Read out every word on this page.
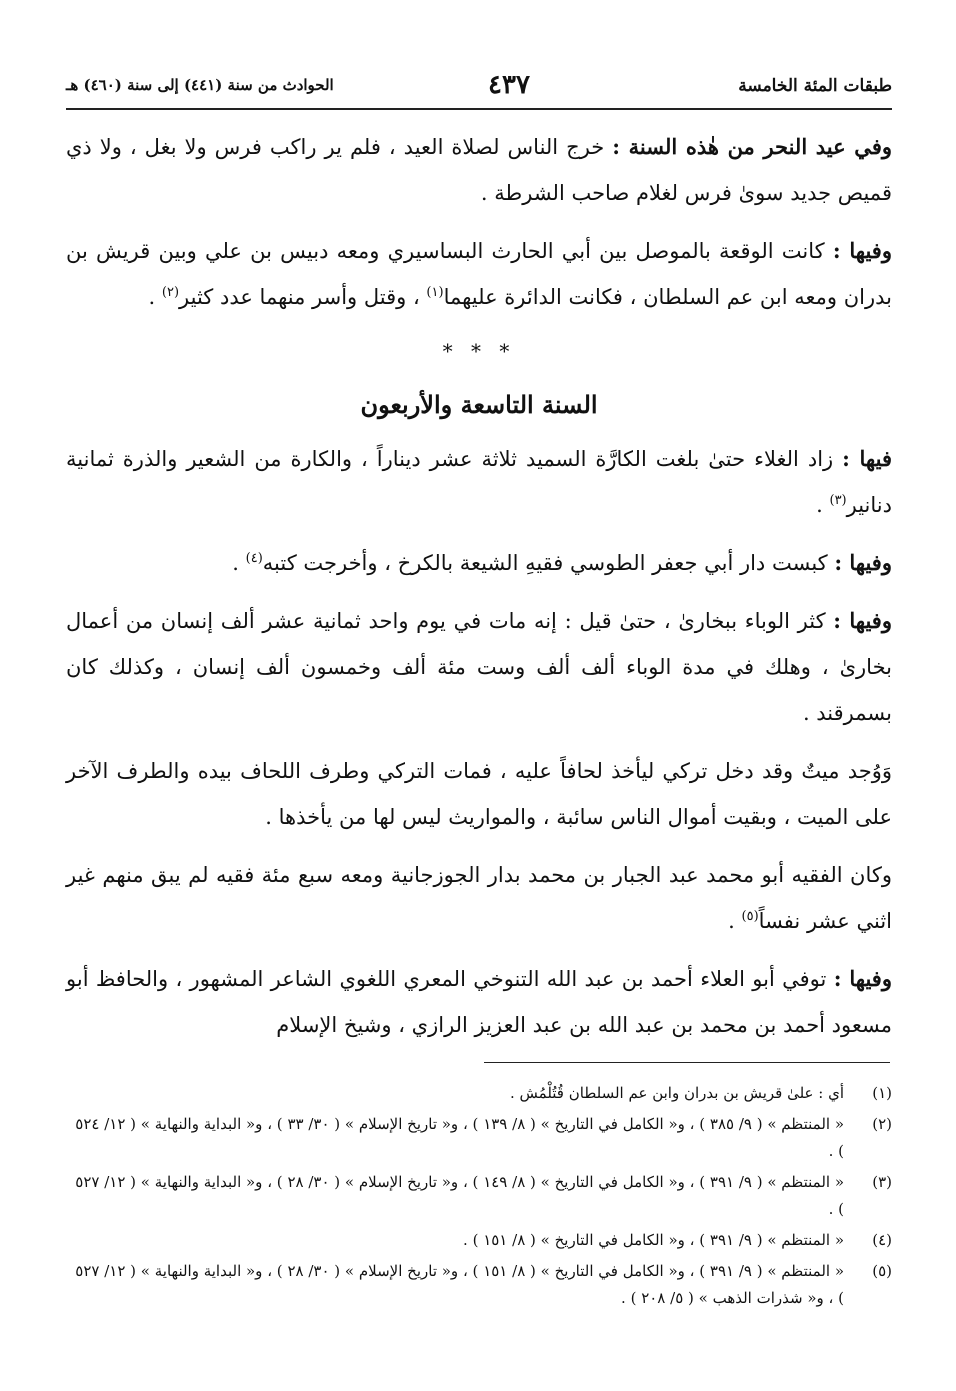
طبقات المئة الخامسة
٤٣٧
الحوادث من سنة (٤٤١) إلى سنة (٤٦٠) هـ

وفي عيد النحر من هٰذه السنة : خرج الناس لصلاة العيد ، فلم ير راكب فرس ولا بغل ، ولا ذي قميص جديد سوىٰ فرس لغلام صاحب الشرطة .

وفيها : كانت الوقعة بالموصل بين أبي الحارث البساسيري ومعه دبيس بن علي وبين قريش بن بدران ومعه ابن عم السلطان ، فكانت الدائرة عليهما$^{(١)}$ ، وقتل وأسر منهما عدد كثير$^{(٢)}$ .

* * *
السنة التاسعة والأربعون

فيها : زاد الغلاء حتىٰ بلغت الكارَّة السميد ثلاثة عشر ديناراً ، والكارة من الشعير والذرة ثمانية دنانير$^{(٣)}$ .

وفيها : كبست دار أبي جعفر الطوسي فقيهِ الشيعة بالكرخ ، وأخرجت كتبه$^{(٤)}$ .

وفيها : كثر الوباء ببخارىٰ ، حتىٰ قيل : إنه مات في يوم واحد ثمانية عشر ألف إنسان من أعمال بخارىٰ ، وهلك في مدة الوباء ألف ألف وست مئة ألف وخمسون ألف إنسان ، وكذلك كان بسمرقند .

وَوُجد ميتٌ وقد دخل تركي ليأخذ لحافاً عليه ، فمات التركي وطرف اللحاف بيده والطرف الآخر على الميت ، وبقيت أموال الناس سائبة ، والمواريث ليس لها من يأخذها .

وكان الفقيه أبو محمد عبد الجبار بن محمد بدار الجوزجانية ومعه سبع مئة فقيه لم يبق منهم غير اثني عشر نفساً$^{(٥)}$ .

وفيها : توفي أبو العلاء أحمد بن عبد الله التنوخي المعري اللغوي الشاعر المشهور ، والحافظ أبو مسعود أحمد بن محمد بن عبد الله بن عبد العزيز الرازي ، وشيخ الإسلام

(١)
أي : علىٰ قريش بن بدران وابن عم السلطان قُتُلْمُش .
(٢)
« المنتظم » ( ٩/ ٣٨٥ ) ، و« الكامل في التاريخ » ( ٨/ ١٣٩ ) ، و« تاريخ الإسلام » ( ٣٠/ ٣٣ ) ، و« البداية والنهاية » ( ١٢/ ٥٢٤ ) .
(٣)
« المنتظم » ( ٩/ ٣٩١ ) ، و« الكامل في التاريخ » ( ٨/ ١٤٩ ) ، و« تاريخ الإسلام » ( ٣٠/ ٢٨ ) ، و« البداية والنهاية » ( ١٢/ ٥٢٧ ) .
(٤)
« المنتظم » ( ٩/ ٣٩١ ) ، و« الكامل في التاريخ » ( ٨/ ١٥١ ) .
(٥)
« المنتظم » ( ٩/ ٣٩١ ) ، و« الكامل في التاريخ » ( ٨/ ١٥١ ) ، و« تاريخ الإسلام » ( ٣٠/ ٢٨ ) ، و« البداية والنهاية » ( ١٢/ ٥٢٧ ) ، و« شذرات الذهب » ( ٥/ ٢٠٨ ) .
